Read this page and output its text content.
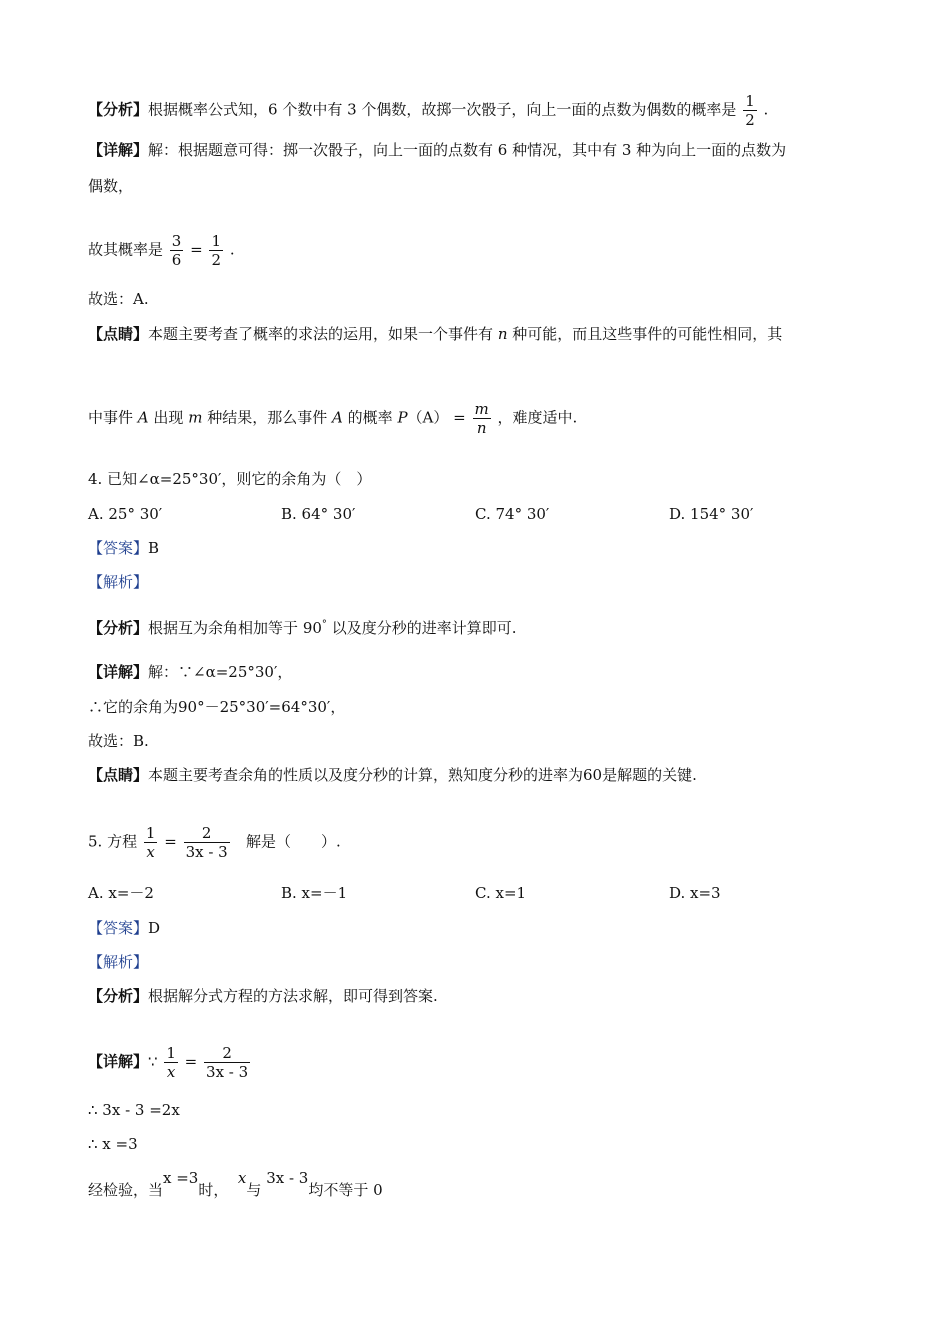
【分析】根据概率公式知，6 个数中有 3 个偶数，故掷一次骰子，向上一面的点数为偶数的概率是 $\frac{1}{2}$ .
【详解】解：根据题意可得：掷一次骰子，向上一面的点数有 6 种情况，其中有 3 种为向上一面的点数为
偶数，
故其概率是 $\frac{3}{6} = \frac{1}{2}$ .
故选：A.
【点睛】本题主要考查了概率的求法的运用，如果一个事件有 n 种可能，而且这些事件的可能性相同，其
中事件 A 出现 m 种结果，那么事件 A 的概率 $P(A) = \frac{m}{n}$ ，难度适中.
4. 已知∠α=25°30′，则它的余角为（　）
A. 25° 30′	B. 64° 30′	C. 74° 30′	D. 154° 30′
【答案】B
【解析】
【分析】根据互为余角相加等于 90° 以及度分秒的进率计算即可.
【详解】解：∵∠α=25°30′，
∴它的余角为90°－25°30′=64°30′，
故选：B.
【点睛】本题主要考查余角的性质以及度分秒的计算，熟知度分秒的进率为60是解题的关键.
5. 方程 $\frac{1}{x} = \frac{2}{3x - 3}$ 解是（　　）.
A. x=－2	B. x=－1	C. x=1	D. x=3
【答案】D
【解析】
【分析】根据解分式方程的方法求解，即可得到答案.
【详解】∵ $\frac{1}{x} = \frac{2}{3x - 3}$
∴ 3x - 3 =2x
∴ x =3
经检验，当x =3时，  x与 3x - 3均不等于 0
